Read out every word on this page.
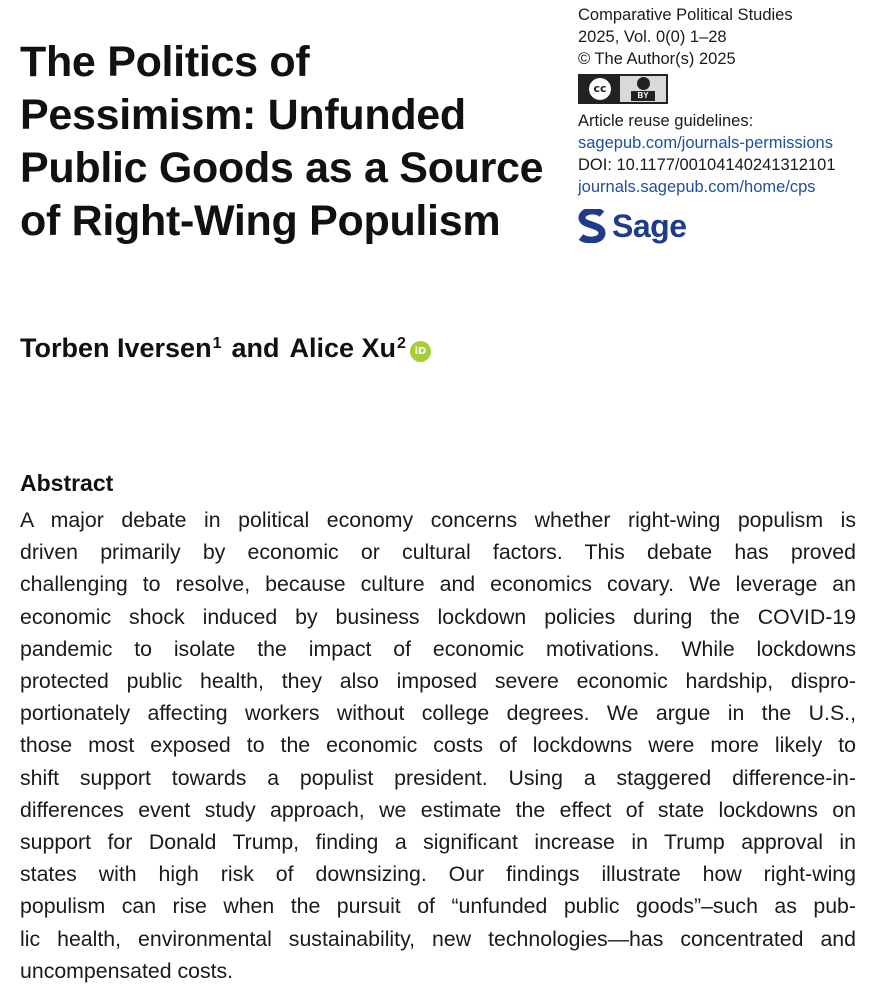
The Politics of
Pessimism: Unfunded
Public Goods as a Source
of Right-Wing Populism
Comparative Political Studies
2025, Vol. 0(0) 1–28
© The Author(s) 2025
cc
BY
Article reuse guidelines:
sagepub.com/journals-permissions
DOI: 10.1177/00104140241312101
journals.sagepub.com/home/cps
Sage
Torben Iversen$^1$ and Alice Xu$^2$ iD
Abstract
A major debate in political economy concerns whether right-wing populism is
driven primarily by economic or cultural factors. This debate has proved
challenging to resolve, because culture and economics covary. We leverage an
economic shock induced by business lockdown policies during the COVID-19
pandemic to isolate the impact of economic motivations. While lockdowns
protected public health, they also imposed severe economic hardship, dispro-
portionately affecting workers without college degrees. We argue in the U.S.,
those most exposed to the economic costs of lockdowns were more likely to
shift support towards a populist president. Using a staggered difference-in-
differences event study approach, we estimate the effect of state lockdowns on
support for Donald Trump, finding a significant increase in Trump approval in
states with high risk of downsizing. Our findings illustrate how right-wing
populism can rise when the pursuit of “unfunded public goods”–such as pub-
lic health, environmental sustainability, new technologies—has concentrated and
uncompensated costs.
